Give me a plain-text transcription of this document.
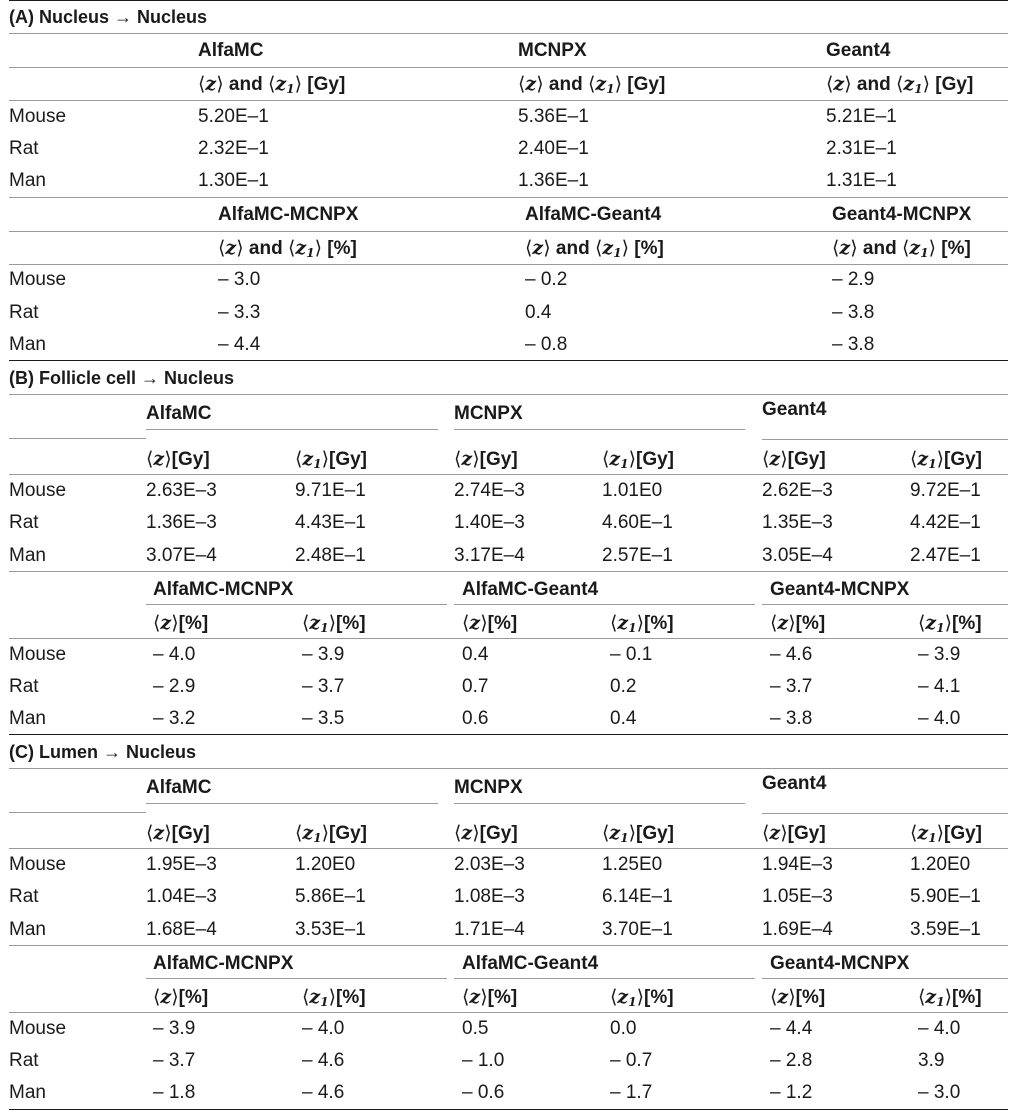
(A) Nucleus → Nucleus
AlfaMC	MCNPX	Geant4
⟨z⟩ and $⟨z_1⟩$ [Gy]	⟨z⟩ and $⟨z_1⟩$ [Gy]	⟨z⟩ and $⟨z_1⟩$ [Gy]
Mouse	5.20E–1	5.36E–1	5.21E–1
Rat	2.32E–1	2.40E–1	2.31E–1
Man	1.30E–1	1.36E–1	1.31E–1
AlfaMC-MCNPX	AlfaMC-Geant4	Geant4-MCNPX
⟨z⟩ and $⟨z_1⟩$ [%]	⟨z⟩ and $⟨z_1⟩$ [%]	⟨z⟩ and $⟨z_1⟩$ [%]
Mouse	– 3.0	– 0.2	– 2.9
Rat	– 3.3	0.4	– 3.8
Man	– 4.4	– 0.8	– 3.8
(B) Follicle cell → Nucleus
AlfaMC	MCNPX	Geant4
⟨z⟩[Gy]	$⟨z_1⟩[Gy]$	⟨z⟩[Gy]	$⟨z_1⟩[Gy]$	⟨z⟩[Gy]	$⟨z_1⟩[Gy]$
Mouse	2.63E–3	9.71E–1	2.74E–3	1.01E0	2.62E–3	9.72E–1
Rat	1.36E–3	4.43E–1	1.40E–3	4.60E–1	1.35E–3	4.42E–1
Man	3.07E–4	2.48E–1	3.17E–4	2.57E–1	3.05E–4	2.47E–1
AlfaMC-MCNPX	AlfaMC-Geant4	Geant4-MCNPX
⟨z⟩[%]	$⟨z_1⟩[\%]$	⟨z⟩[%]	$⟨z_1⟩[\%]$	⟨z⟩[%]	$⟨z_1⟩[\%]$
Mouse	– 4.0	– 3.9	0.4	– 0.1	– 4.6	– 3.9
Rat	– 2.9	– 3.7	0.7	0.2	– 3.7	– 4.1
Man	– 3.2	– 3.5	0.6	0.4	– 3.8	– 4.0
(C) Lumen → Nucleus
AlfaMC	MCNPX	Geant4
⟨z⟩[Gy]	$⟨z_1⟩[Gy]$	⟨z⟩[Gy]	$⟨z_1⟩[Gy]$	⟨z⟩[Gy]	$⟨z_1⟩[Gy]$
Mouse	1.95E–3	1.20E0	2.03E–3	1.25E0	1.94E–3	1.20E0
Rat	1.04E–3	5.86E–1	1.08E–3	6.14E–1	1.05E–3	5.90E–1
Man	1.68E–4	3.53E–1	1.71E–4	3.70E–1	1.69E–4	3.59E–1
AlfaMC-MCNPX	AlfaMC-Geant4	Geant4-MCNPX
⟨z⟩[%]	$⟨z_1⟩[\%]$	⟨z⟩[%]	$⟨z_1⟩[\%]$	⟨z⟩[%]	$⟨z_1⟩[\%]$
Mouse	– 3.9	– 4.0	0.5	0.0	– 4.4	– 4.0
Rat	– 3.7	– 4.6	– 1.0	– 0.7	– 2.8	3.9
Man	– 1.8	– 4.6	– 0.6	– 1.7	– 1.2	– 3.0
